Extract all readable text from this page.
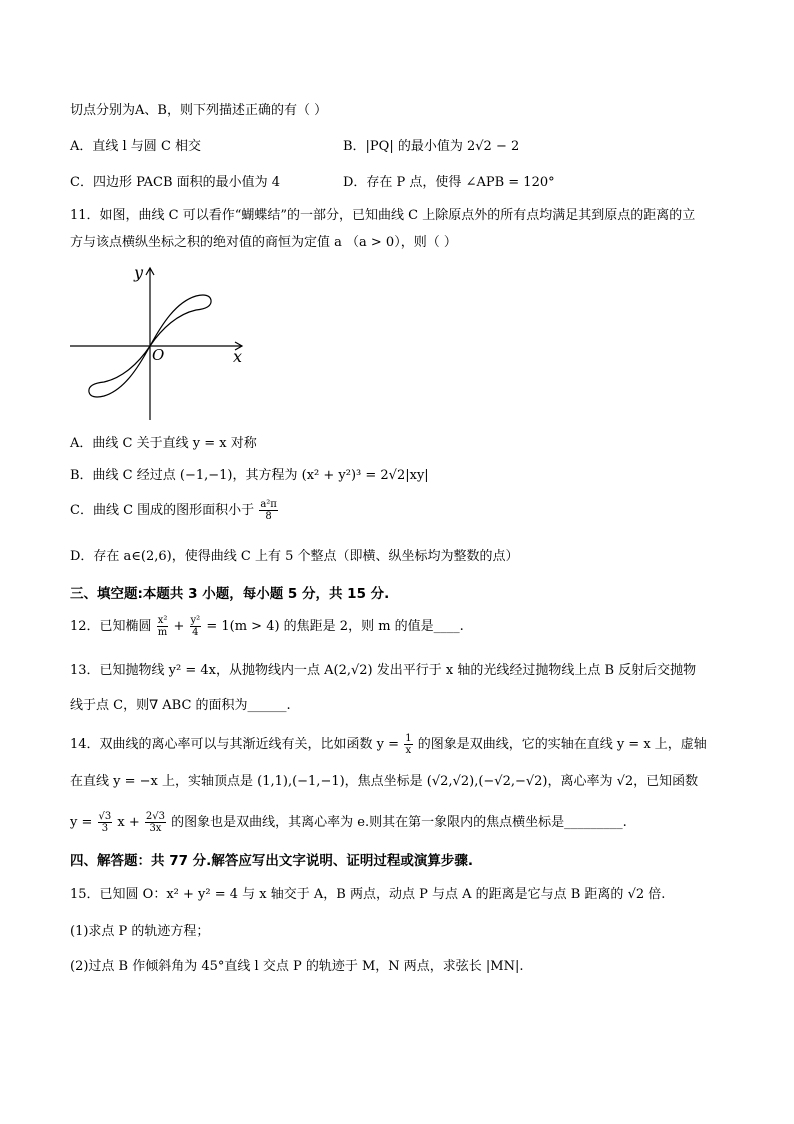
切点分别为A、B，则下列描述正确的有（ ）
A．直线 l 与圆 C 相交	B．|PQ| 的最小值为 2√2 − 2
C．四边形 PACB 面积的最小值为 4	D．存在 P 点，使得 ∠APB = 120°
11．如图，曲线 C 可以看作“蝴蝶结”的一部分，已知曲线 C 上除原点外的所有点均满足其到原点的距离的立
方与该点横纵坐标之积的绝对值的商恒为定值 a （a > 0），则（ ）
x
y
O
A．曲线 C 关于直线 y = x 对称
B．曲线 C 经过点 (−1,−1)，其方程为 (x² + y²)³ = 2√2|xy|
C．曲线 C 围成的图形面积小于 $\frac{\text{a²π}}{8}$
D．存在 a∈(2,6)，使得曲线 C 上有 5 个整点（即横、纵坐标均为整数的点）
三、填空题:本题共 3 小题，每小题 5 分，共 15 分.
12．已知椭圆 $\frac{\text{x²}}{m} + \frac{\text{y²}}{4} = 1(m > 4)$ 的焦距是 2，则 m 的值是____.
13．已知抛物线 y² = 4x，从抛物线内一点 A(2,√2) 发出平行于 x 轴的光线经过抛物线上点 B 反射后交抛物
线于点 C，则∇ ABC 的面积为______.
14．双曲线的离心率可以与其渐近线有关，比如函数 $y = \frac{1}{x}$ 的图象是双曲线，它的实轴在直线 y = x 上，虚轴
在直线 y = −x 上，实轴顶点是 (1,1),(−1,−1)，焦点坐标是 (√2,√2),(−√2,−√2)，离心率为 √2，已知函数
$y = \frac{√3}{3}$ $x + \frac{2√3}{3x}$ 的图象也是双曲线，其离心率为 e.则其在第一象限内的焦点横坐标是_________.
四、解答题：共 77 分.解答应写出文字说明、证明过程或演算步骤.
15．已知圆 O：x² + y² = 4 与 x 轴交于 A，B 两点，动点 P 与点 A 的距离是它与点 B 距离的 √2 倍.
(1)求点 P 的轨迹方程；
(2)过点 B 作倾斜角为 45°直线 l 交点 P 的轨迹于 M，N 两点，求弦长 |MN|.
